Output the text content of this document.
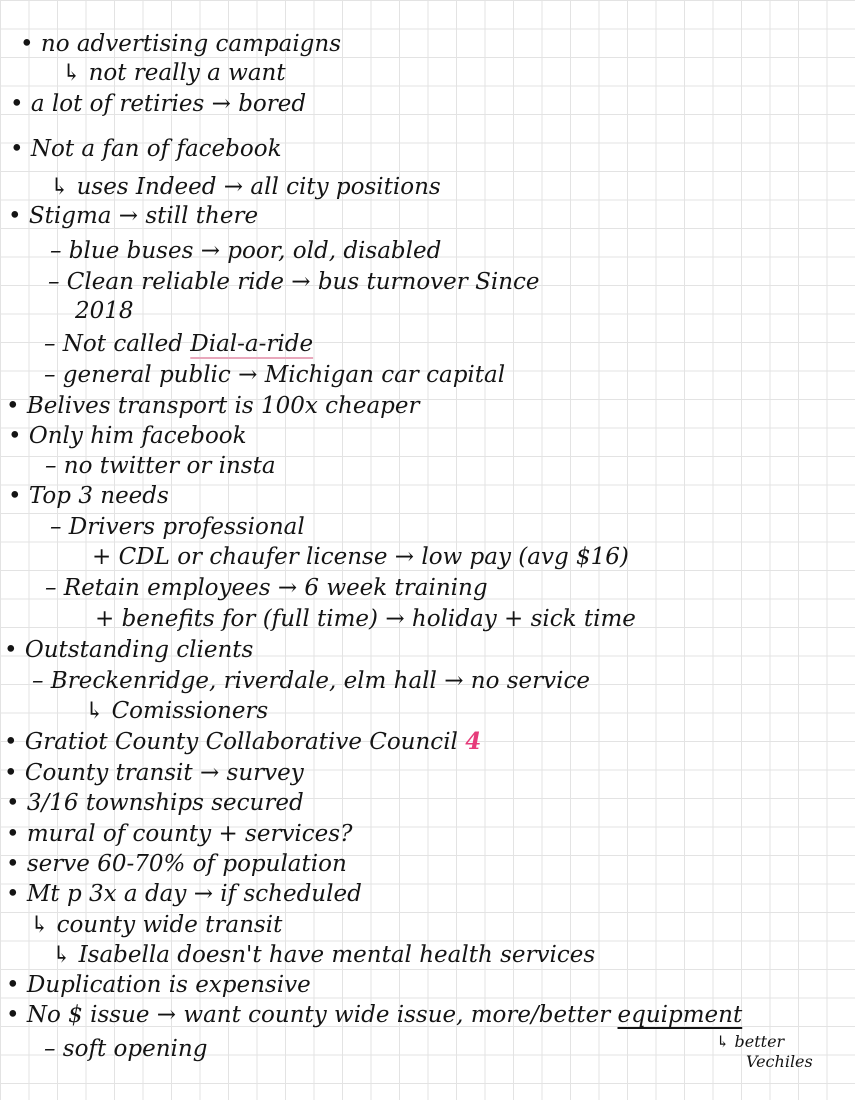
• no advertising campaigns
↳ not really a want
• a lot of retiries → bored
• Not a fan of facebook
↳ uses Indeed → all city positions
• Stigma → still there
– blue buses → poor, old, disabled
– Clean reliable ride → bus turnover Since
2018
– Not called Dial-a-ride
– general public → Michigan car capital
• Belives transport is 100x cheaper
• Only him facebook
– no twitter or insta
• Top 3 needs
– Drivers professional
+ CDL or chaufer license → low pay (avg $16)
– Retain employees → 6 week training
+ benefits for (full time) → holiday + sick time
• Outstanding clients
– Breckenridge, riverdale, elm hall → no service
↳ Comissioners
• Gratiot County Collaborative Council 4
• County transit → survey
• 3/16 townships secured
• mural of county + services?
• serve 60-70% of population
• Mt p 3x a day → if scheduled
↳ county wide transit
↳ Isabella doesn't have mental health services
• Duplication is expensive
• No $ issue → want county wide issue, more/better equipment
– soft opening	↳ better
Vechiles
